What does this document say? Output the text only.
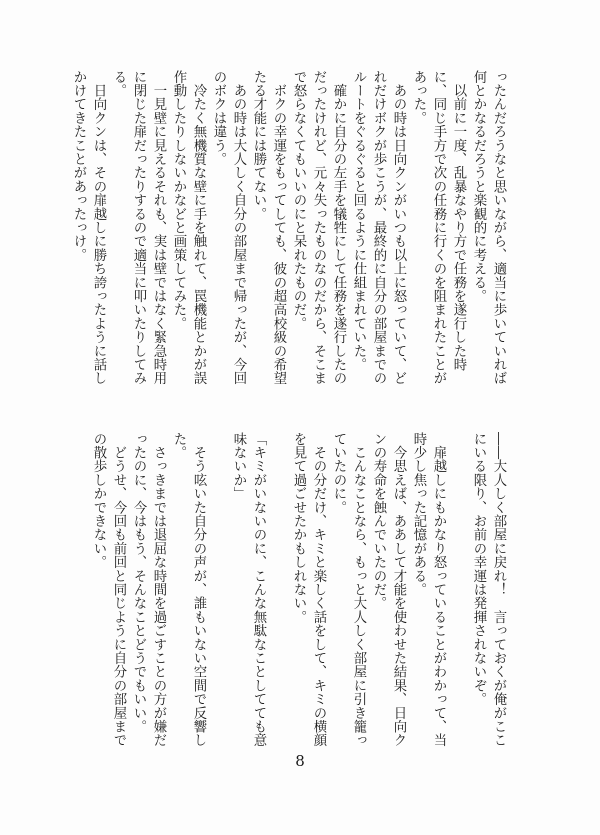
ったんだろうなと思いながら、適当に歩いていれば

何とかなるだろうと楽観的に考える。

　以前に一度、乱暴なやり方で任務を遂行した時

に、同じ手方で次の任務に行くのを阻まれたことが

あった。

　あの時は日向クンがいつも以上に怒っていて、ど

れだけボクが歩こうが、最終的に自分の部屋までの

ルートをぐるぐると回るように仕組まれていた。

　確かに自分の左手を犠牲にして任務を遂行したの

だったけれど、元々失ったものなのだから、そこま

で怒らなくてもいいのにと呆れたものだ。

　ボクの幸運をもってしても、彼の超高校級の希望

たる才能には勝てない。

　あの時は大人しく自分の部屋まで帰ったが、今回

のボクは違う。

　冷たく無機質な壁に手を触れて、罠機能とかが誤

作動したりしないかなどと画策してみた。

　一見壁に見えるそれも、実は壁ではなく緊急時用

に閉じた扉だったりするので適当に叩いたりしてみ

る。

　日向クンは、その扉越しに勝ち誇ったように話し

かけてきたことがあったっけ。

――大人しく部屋に戻れ！　言っておくが俺がここ

にいる限り、お前の幸運は発揮されないぞ。

　扉越しにもかなり怒っていることがわかって、当

時少し焦った記憶がある。

　今思えば、ああして才能を使わせた結果、日向ク

ンの寿命を蝕んでいたのだ。

　こんなことなら、もっと大人しく部屋に引き籠っ

ていたのに。

　その分だけ、キミと楽しく話をして、キミの横顔

を見て過ごせたかもしれない。

「キミがいないのに、こんな無駄なことしてても意

味ないか」

　そう呟いた自分の声が、誰もいない空間で反響し

た。

　さっきまでは退屈な時間を過ごすことの方が嫌だ

ったのに、今はもう、そんなことどうでもいい。

　どうせ、今回も前回と同じように自分の部屋まで

の散歩しかできない。

8
